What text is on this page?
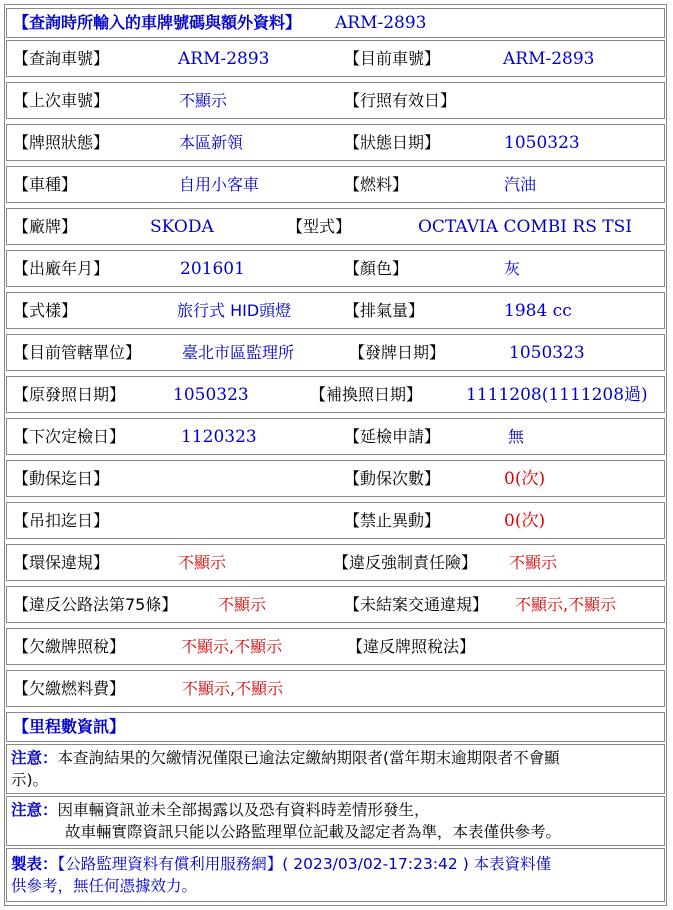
【查詢時所輸入的車牌號碼與額外資料】 ARM-2893
【查詢車號】	ARM-2893	【目前車號】	ARM-2893
【上次車號】	不顯示	【行照有效日】
【牌照狀態】	本區新領	【狀態日期】	1050323
【車種】	自用小客車	【燃料】	汽油
【廠牌】	SKODA	【型式】	OCTAVIA COMBI RS TSI
【出廠年月】	201601	【顏色】	灰
【式樣】	旅行式 HID頭燈	【排氣量】	1984 cc
【目前管轄單位】	臺北市區監理所	【發牌日期】	1050323
【原發照日期】	1050323	【補換照日期】	1111208(1111208過)
【下次定檢日】	1120323	【延檢申請】	無
【動保迄日】	【動保次數】	0(次)
【吊扣迄日】	【禁止異動】	0(次)
【環保違規】	不顯示	【違反強制責任險】 不顯示
【違反公路法第75條】	不顯示	【未結案交通違規】 不顯示,不顯示
【欠繳牌照稅】	不顯示,不顯示	【違反牌照稅法】
【欠繳燃料費】	不顯示,不顯示
【里程數資訊】
注意：本查詢結果的欠繳情況僅限已逾法定繳納期限者(當年期末逾期限者不會顯
示)。
注意：因車輛資訊並未全部揭露以及恐有資料時差情形發生，
故車輛實際資訊只能以公路監理單位記載及認定者為準，本表僅供參考。
製表：【公路監理資料有償利用服務網】( 2023/03/02-17:23:42 ) 本表資料僅
供參考，無任何憑據效力。
